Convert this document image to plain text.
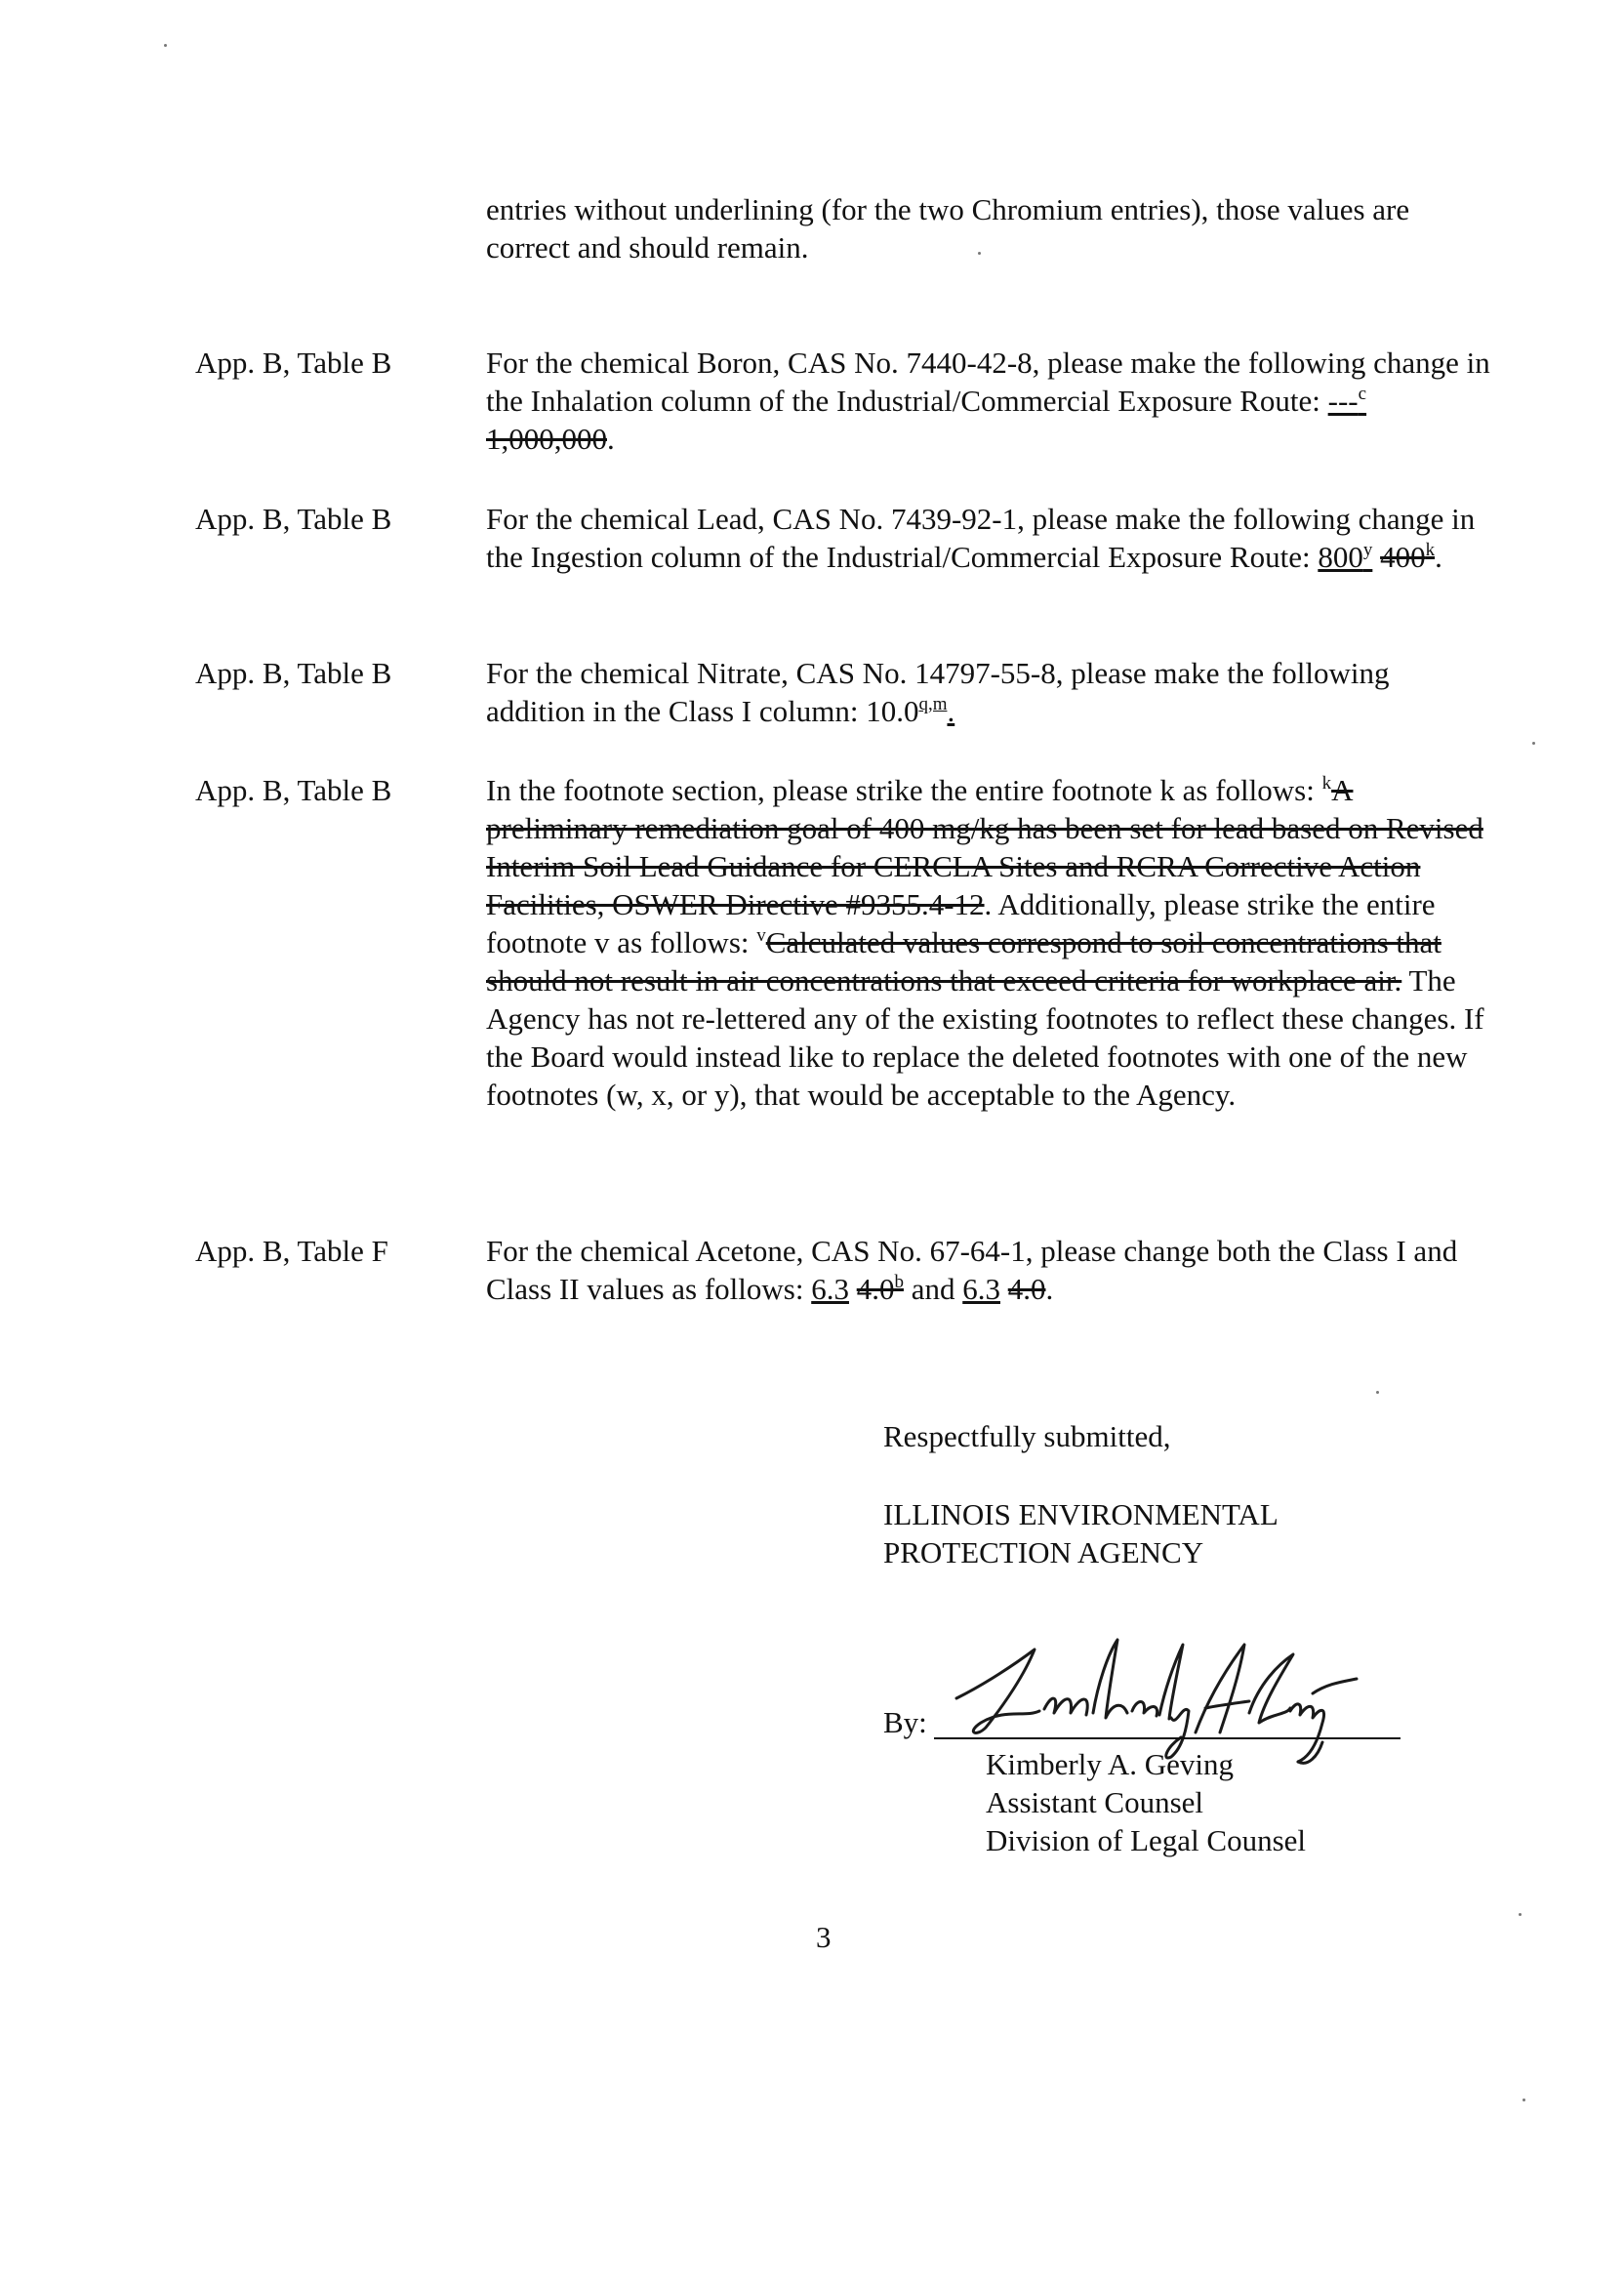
entries without underlining (for the two Chromium entries), those values are correct and should remain.
App. B, Table B	For the chemical Boron, CAS No. 7440-42-8, please make the following change in the Inhalation column of the Industrial/Commercial Exposure Route: ---$^c$ 1,000,000.
App. B, Table B	For the chemical Lead, CAS No. 7439-92-1, please make the following change in the Ingestion column of the Industrial/Commercial Exposure Route: 800$^y$ 400$^k$.
App. B, Table B	For the chemical Nitrate, CAS No. 14797-55-8, please make the following addition in the Class I column: 10.0$^{q,m}$.
App. B, Table B	In the footnote section, please strike the entire footnote k as follows: $^k$A preliminary remediation goal of 400 mg/kg has been set for lead based on Revised Interim Soil Lead Guidance for CERCLA Sites and RCRA Corrective Action Facilities, OSWER Directive #9355.4-12. Additionally, please strike the entire footnote v as follows: $^v$Calculated values correspond to soil concentrations that should not result in air concentrations that exceed criteria for workplace air. The Agency has not re-lettered any of the existing footnotes to reflect these changes. If the Board would instead like to replace the deleted footnotes with one of the new footnotes (w, x, or y), that would be acceptable to the Agency.
App. B, Table F	For the chemical Acetone, CAS No. 67-64-1, please change both the Class I and Class II values as follows: 6.3 4.0$^b$ and 6.3 4.0.
Respectfully submitted,
ILLINOIS ENVIRONMENTAL
PROTECTION AGENCY
By:
Kimberly A. Geving
Assistant Counsel
Division of Legal Counsel
3
